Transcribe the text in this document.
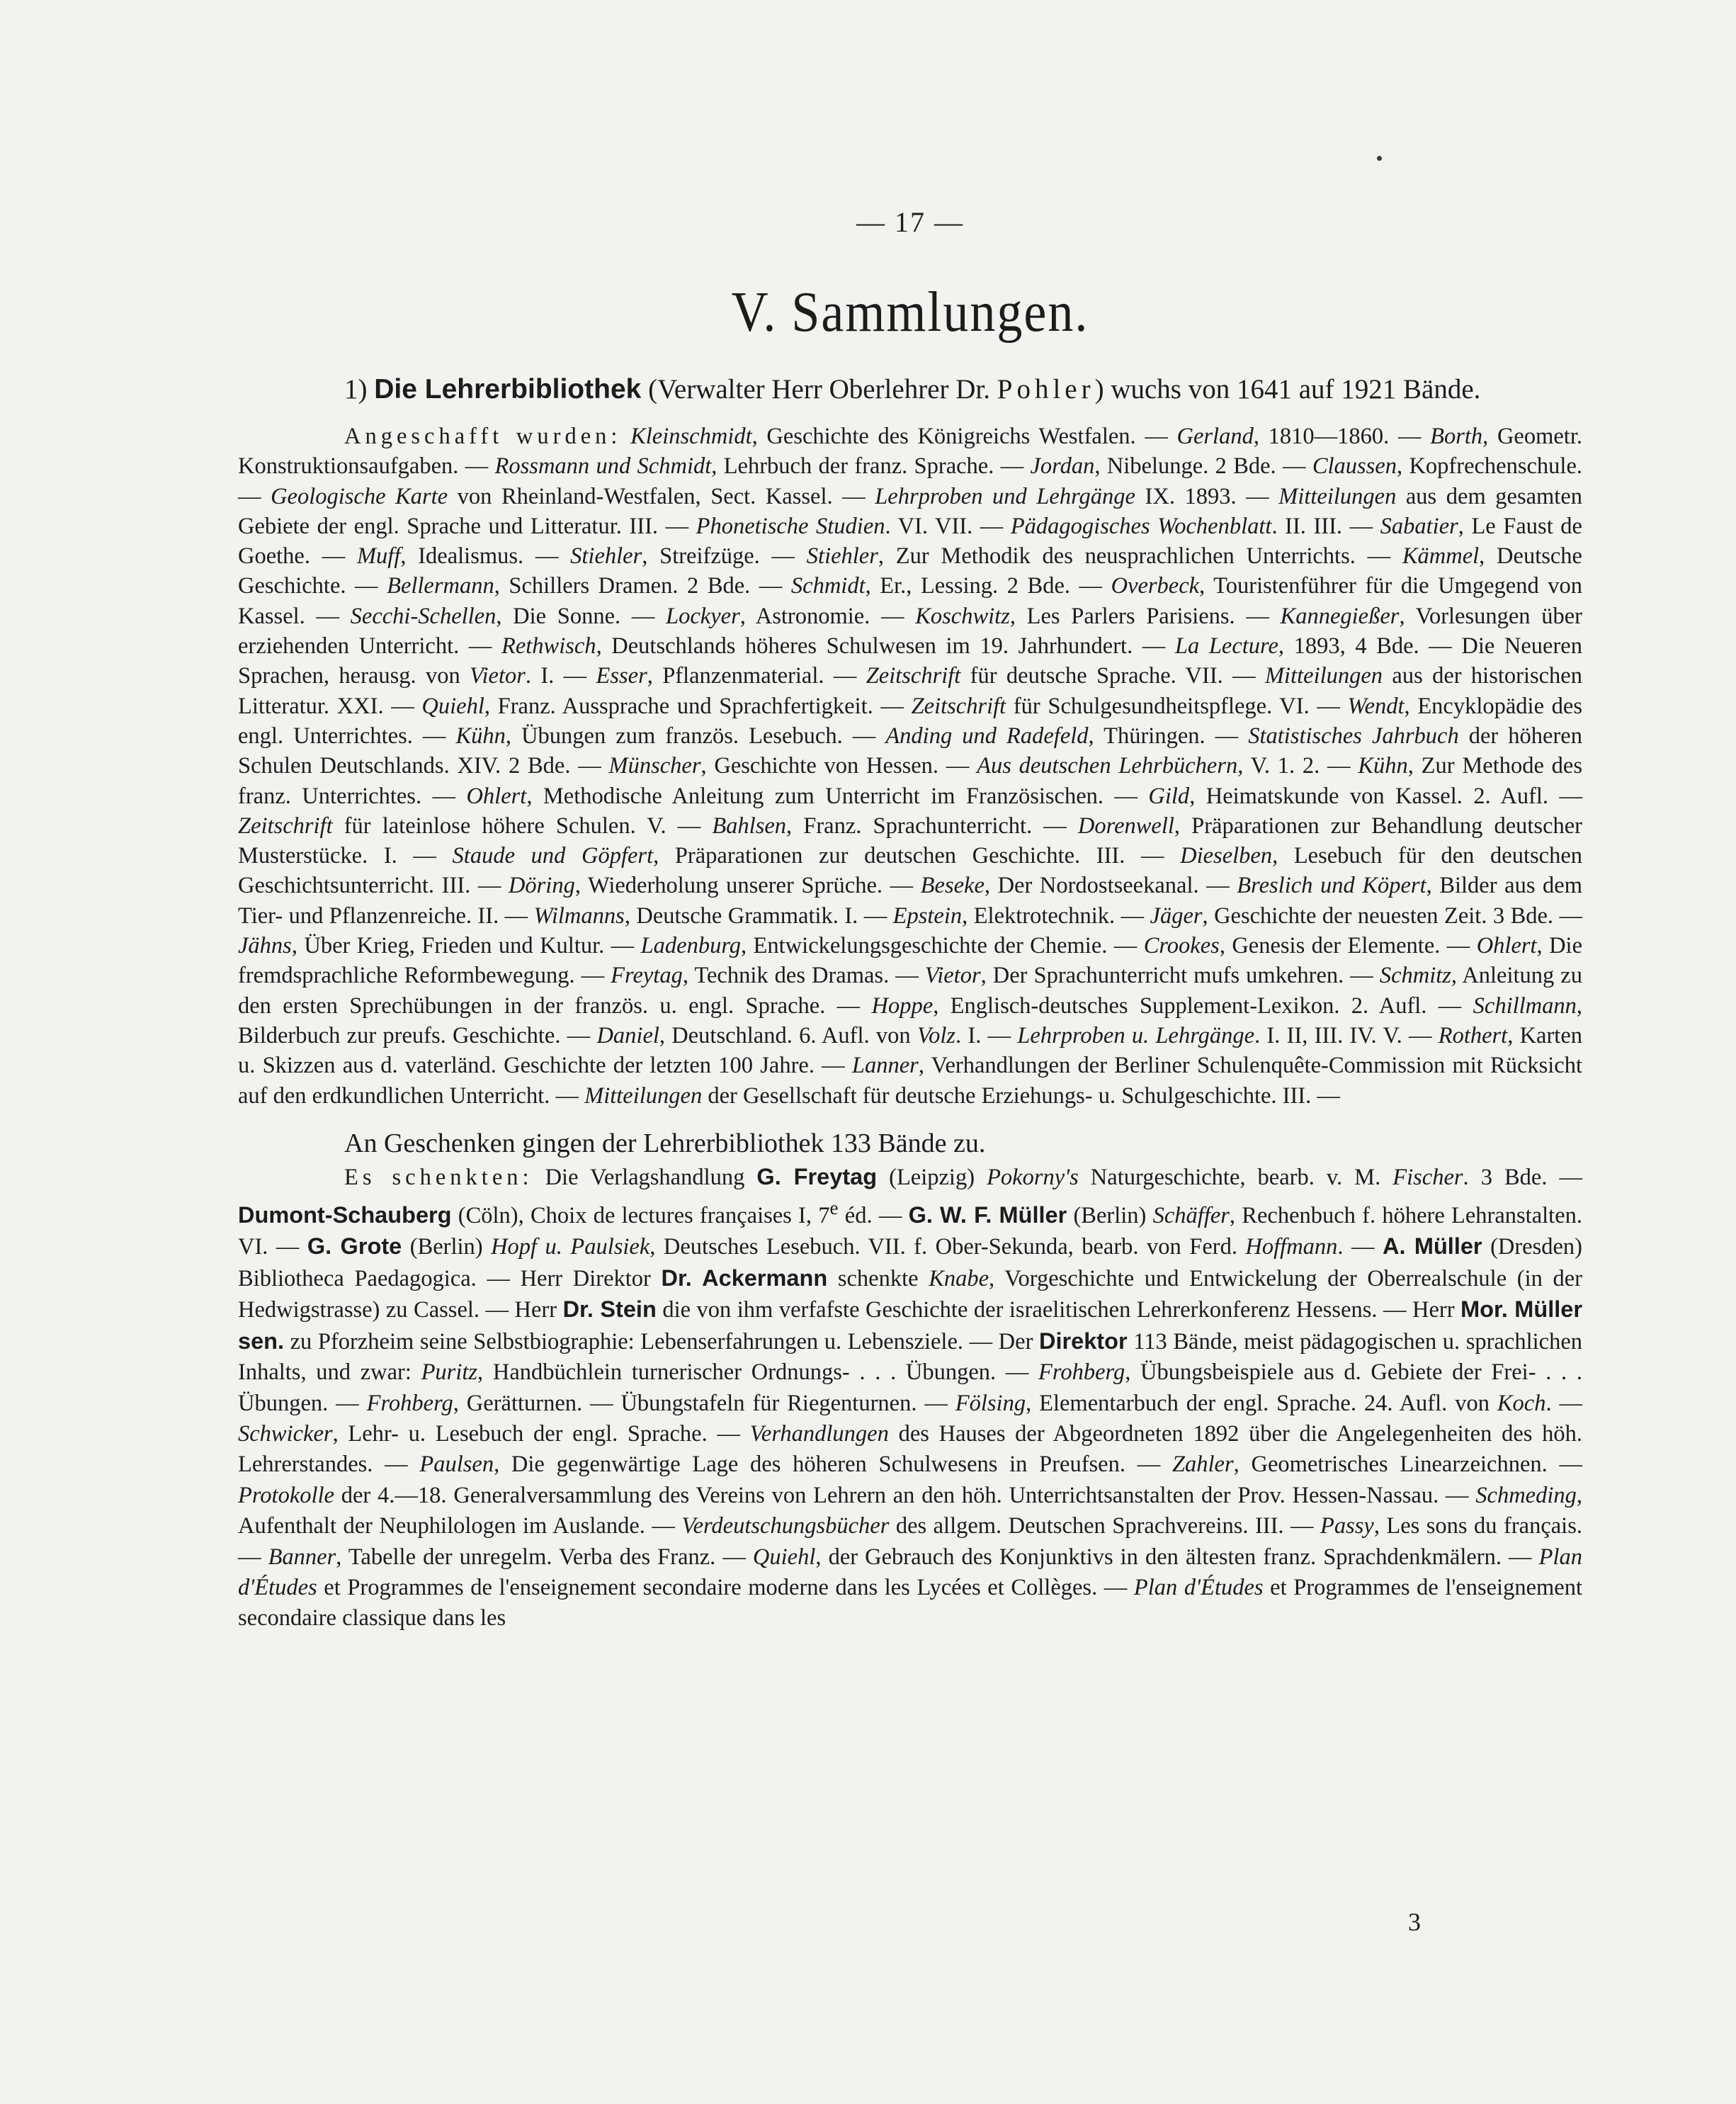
— 17 —
V. Sammlungen.

1) Die Lehrerbibliothek (Verwalter Herr Oberlehrer Dr. Pohler) wuchs von 1641 auf 1921 Bände.

Angeschafft wurden: Kleinschmidt, Geschichte des Königreichs Westfalen. — Gerland, 1810—1860. — Borth, Geometr. Konstruktionsaufgaben. — Rossmann und Schmidt, Lehrbuch der franz. Sprache. — Jordan, Nibelunge. 2 Bde. — Claussen, Kopfrechenschule. — Geologische Karte von Rheinland-Westfalen, Sect. Kassel. — Lehrproben und Lehrgänge IX. 1893. — Mitteilungen aus dem gesamten Gebiete der engl. Sprache und Litteratur. III. — Phonetische Studien. VI. VII. — Pädagogisches Wochenblatt. II. III. — Sabatier, Le Faust de Goethe. — Muff, Idealismus. — Stiehler, Streifzüge. — Stiehler, Zur Methodik des neusprachlichen Unterrichts. — Kämmel, Deutsche Geschichte. — Bellermann, Schillers Dramen. 2 Bde. — Schmidt, Er., Lessing. 2 Bde. — Overbeck, Touristenführer für die Umgegend von Kassel. — Secchi-Schellen, Die Sonne. — Lockyer, Astronomie. — Koschwitz, Les Parlers Parisiens. — Kannegießer, Vorlesungen über erziehenden Unterricht. — Rethwisch, Deutschlands höheres Schulwesen im 19. Jahrhundert. — La Lecture, 1893, 4 Bde. — Die Neueren Sprachen, herausg. von Vietor. I. — Esser, Pflanzenmaterial. — Zeitschrift für deutsche Sprache. VII. — Mitteilungen aus der historischen Litteratur. XXI. — Quiehl, Franz. Aussprache und Sprachfertigkeit. — Zeitschrift für Schulgesundheitspflege. VI. — Wendt, Encyklopädie des engl. Unterrichtes. — Kühn, Übungen zum französ. Lesebuch. — Anding und Radefeld, Thüringen. — Statistisches Jahrbuch der höheren Schulen Deutschlands. XIV. 2 Bde. — Münscher, Geschichte von Hessen. — Aus deutschen Lehrbüchern, V. 1. 2. — Kühn, Zur Methode des franz. Unterrichtes. — Ohlert, Methodische Anleitung zum Unterricht im Französischen. — Gild, Heimatskunde von Kassel. 2. Aufl. — Zeitschrift für lateinlose höhere Schulen. V. — Bahlsen, Franz. Sprachunterricht. — Dorenwell, Präparationen zur Behandlung deutscher Musterstücke. I. — Staude und Göpfert, Präparationen zur deutschen Geschichte. III. — Dieselben, Lesebuch für den deutschen Geschichtsunterricht. III. — Döring, Wiederholung unserer Sprüche. — Beseke, Der Nordostseekanal. — Breslich und Köpert, Bilder aus dem Tier- und Pflanzenreiche. II. — Wilmanns, Deutsche Grammatik. I. — Epstein, Elektrotechnik. — Jäger, Geschichte der neuesten Zeit. 3 Bde. — Jähns, Über Krieg, Frieden und Kultur. — Ladenburg, Entwickelungsgeschichte der Chemie. — Crookes, Genesis der Elemente. — Ohlert, Die fremdsprachliche Reformbewegung. — Freytag, Technik des Dramas. — Vietor, Der Sprachunterricht mufs umkehren. — Schmitz, Anleitung zu den ersten Sprechübungen in der französ. u. engl. Sprache. — Hoppe, Englisch-deutsches Supplement-Lexikon. 2. Aufl. — Schillmann, Bilderbuch zur preufs. Geschichte. — Daniel, Deutschland. 6. Aufl. von Volz. I. — Lehrproben u. Lehrgänge. I. II, III. IV. V. — Rothert, Karten u. Skizzen aus d. vaterländ. Geschichte der letzten 100 Jahre. — Lanner, Verhandlungen der Berliner Schulenquête-Commission mit Rücksicht auf den erdkundlichen Unterricht. — Mitteilungen der Gesellschaft für deutsche Erziehungs- u. Schulgeschichte. III. —

An Geschenken gingen der Lehrerbibliothek 133 Bände zu.

Es schenkten: Die Verlagshandlung G. Freytag (Leipzig) Pokorny's Naturgeschichte, bearb. v. M. Fischer. 3 Bde. — Dumont-Schauberg (Cöln), Choix de lectures françaises I, 7e éd. — G. W. F. Müller (Berlin) Schäffer, Rechenbuch f. höhere Lehranstalten. VI. — G. Grote (Berlin) Hopf u. Paulsiek, Deutsches Lesebuch. VII. f. Ober-Sekunda, bearb. von Ferd. Hoffmann. — A. Müller (Dresden) Bibliotheca Paedagogica. — Herr Direktor Dr. Ackermann schenkte Knabe, Vorgeschichte und Entwickelung der Oberrealschule (in der Hedwigstrasse) zu Cassel. — Herr Dr. Stein die von ihm verfafste Geschichte der israelitischen Lehrerkonferenz Hessens. — Herr Mor. Müller sen. zu Pforzheim seine Selbstbiographie: Lebenserfahrungen u. Lebensziele. — Der Direktor 113 Bände, meist pädagogischen u. sprachlichen Inhalts, und zwar: Puritz, Handbüchlein turnerischer Ordnungs- . . . Übungen. — Frohberg, Übungsbeispiele aus d. Gebiete der Frei- . . . Übungen. — Frohberg, Gerätturnen. — Übungstafeln für Riegenturnen. — Fölsing, Elementarbuch der engl. Sprache. 24. Aufl. von Koch. — Schwicker, Lehr- u. Lesebuch der engl. Sprache. — Verhandlungen des Hauses der Abgeordneten 1892 über die Angelegenheiten des höh. Lehrerstandes. — Paulsen, Die gegenwärtige Lage des höheren Schulwesens in Preufsen. — Zahler, Geometrisches Linearzeichnen. — Protokolle der 4.—18. Generalversammlung des Vereins von Lehrern an den höh. Unterrichtsanstalten der Prov. Hessen-Nassau. — Schmeding, Aufenthalt der Neuphilologen im Auslande. — Verdeutschungsbücher des allgem. Deutschen Sprachvereins. III. — Passy, Les sons du français. — Banner, Tabelle der unregelm. Verba des Franz. — Quiehl, der Gebrauch des Konjunktivs in den ältesten franz. Sprachdenkmälern. — Plan d'Études et Programmes de l'enseignement secondaire moderne dans les Lycées et Collèges. — Plan d'Études et Programmes de l'enseignement secondaire classique dans les

3
